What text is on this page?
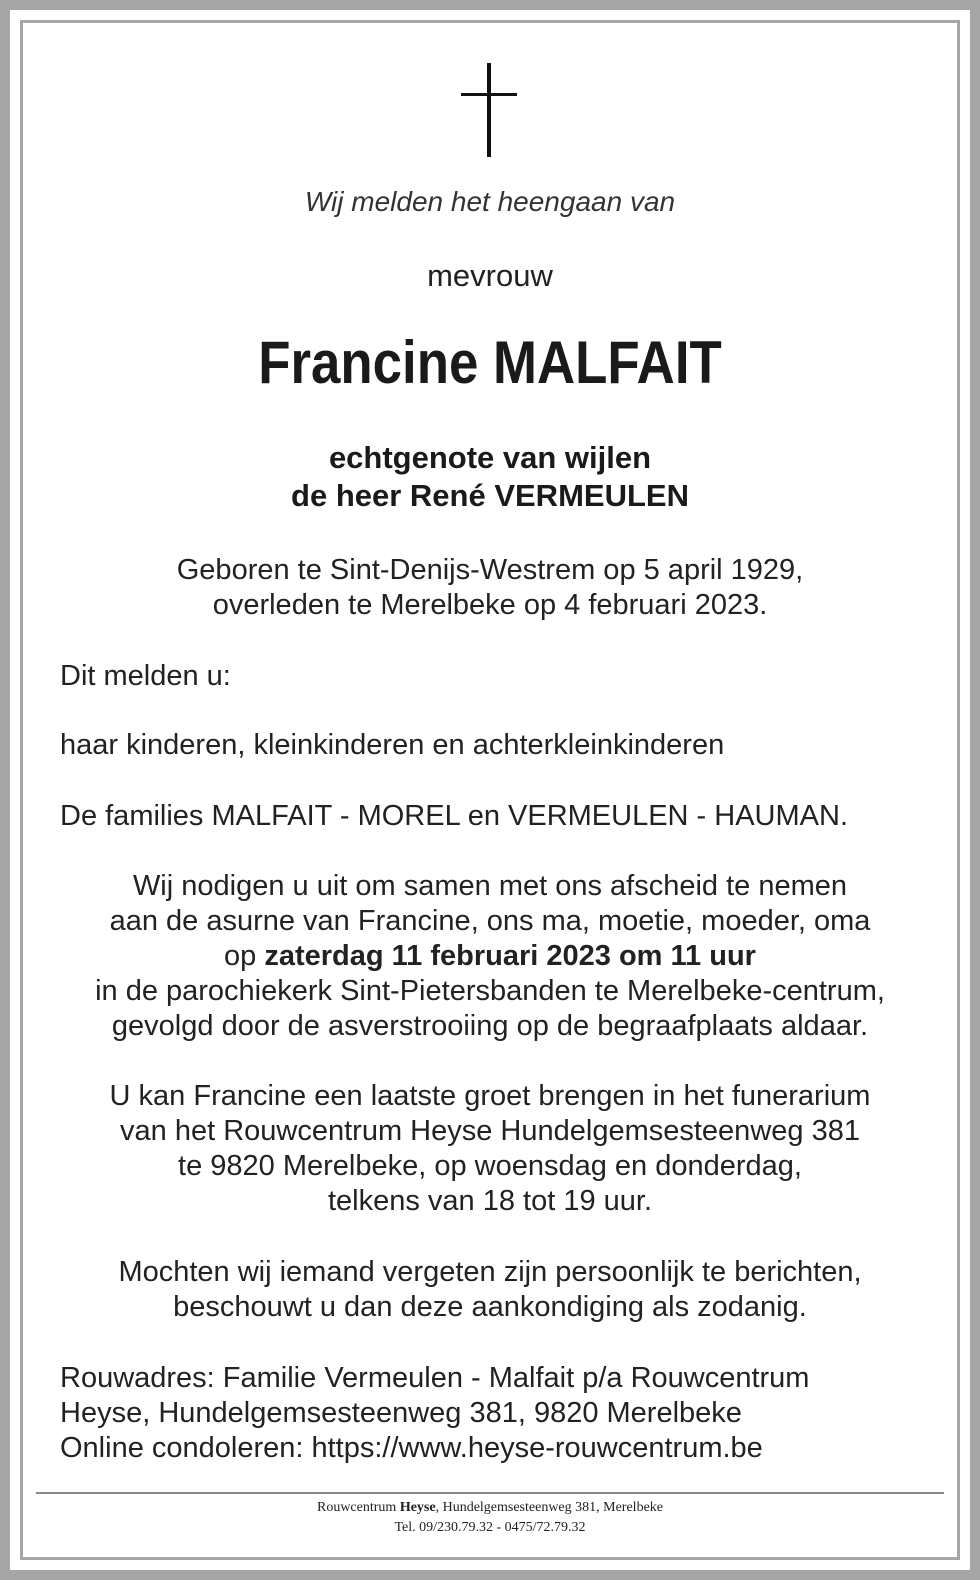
Wij melden het heengaan van
mevrouw
Francine MALFAIT
echtgenote van wijlen
de heer René VERMEULEN
Geboren te Sint-Denijs-Westrem op 5 april 1929,
overleden te Merelbeke op 4 februari 2023.
Dit melden u:
haar kinderen, kleinkinderen en achterkleinkinderen
De families MALFAIT - MOREL en VERMEULEN - HAUMAN.
Wij nodigen u uit om samen met ons afscheid te nemen
aan de asurne van Francine, ons ma, moetie, moeder, oma
op zaterdag 11 februari 2023 om 11 uur
in de parochiekerk Sint-Pietersbanden te Merelbeke-centrum,
gevolgd door de asverstrooiing op de begraafplaats aldaar.
U kan Francine een laatste groet brengen in het funerarium
van het Rouwcentrum Heyse Hundelgemsesteenweg 381
te 9820 Merelbeke, op woensdag en donderdag,
telkens van 18 tot 19 uur.
Mochten wij iemand vergeten zijn persoonlijk te berichten,
beschouwt u dan deze aankondiging als zodanig.
Rouwadres: Familie Vermeulen - Malfait p/a Rouwcentrum
Heyse, Hundelgemsesteenweg 381, 9820 Merelbeke
Online condoleren: https://www.heyse-rouwcentrum.be
Rouwcentrum Heyse, Hundelgemsesteenweg 381, Merelbeke
Tel. 09/230.79.32 - 0475/72.79.32
